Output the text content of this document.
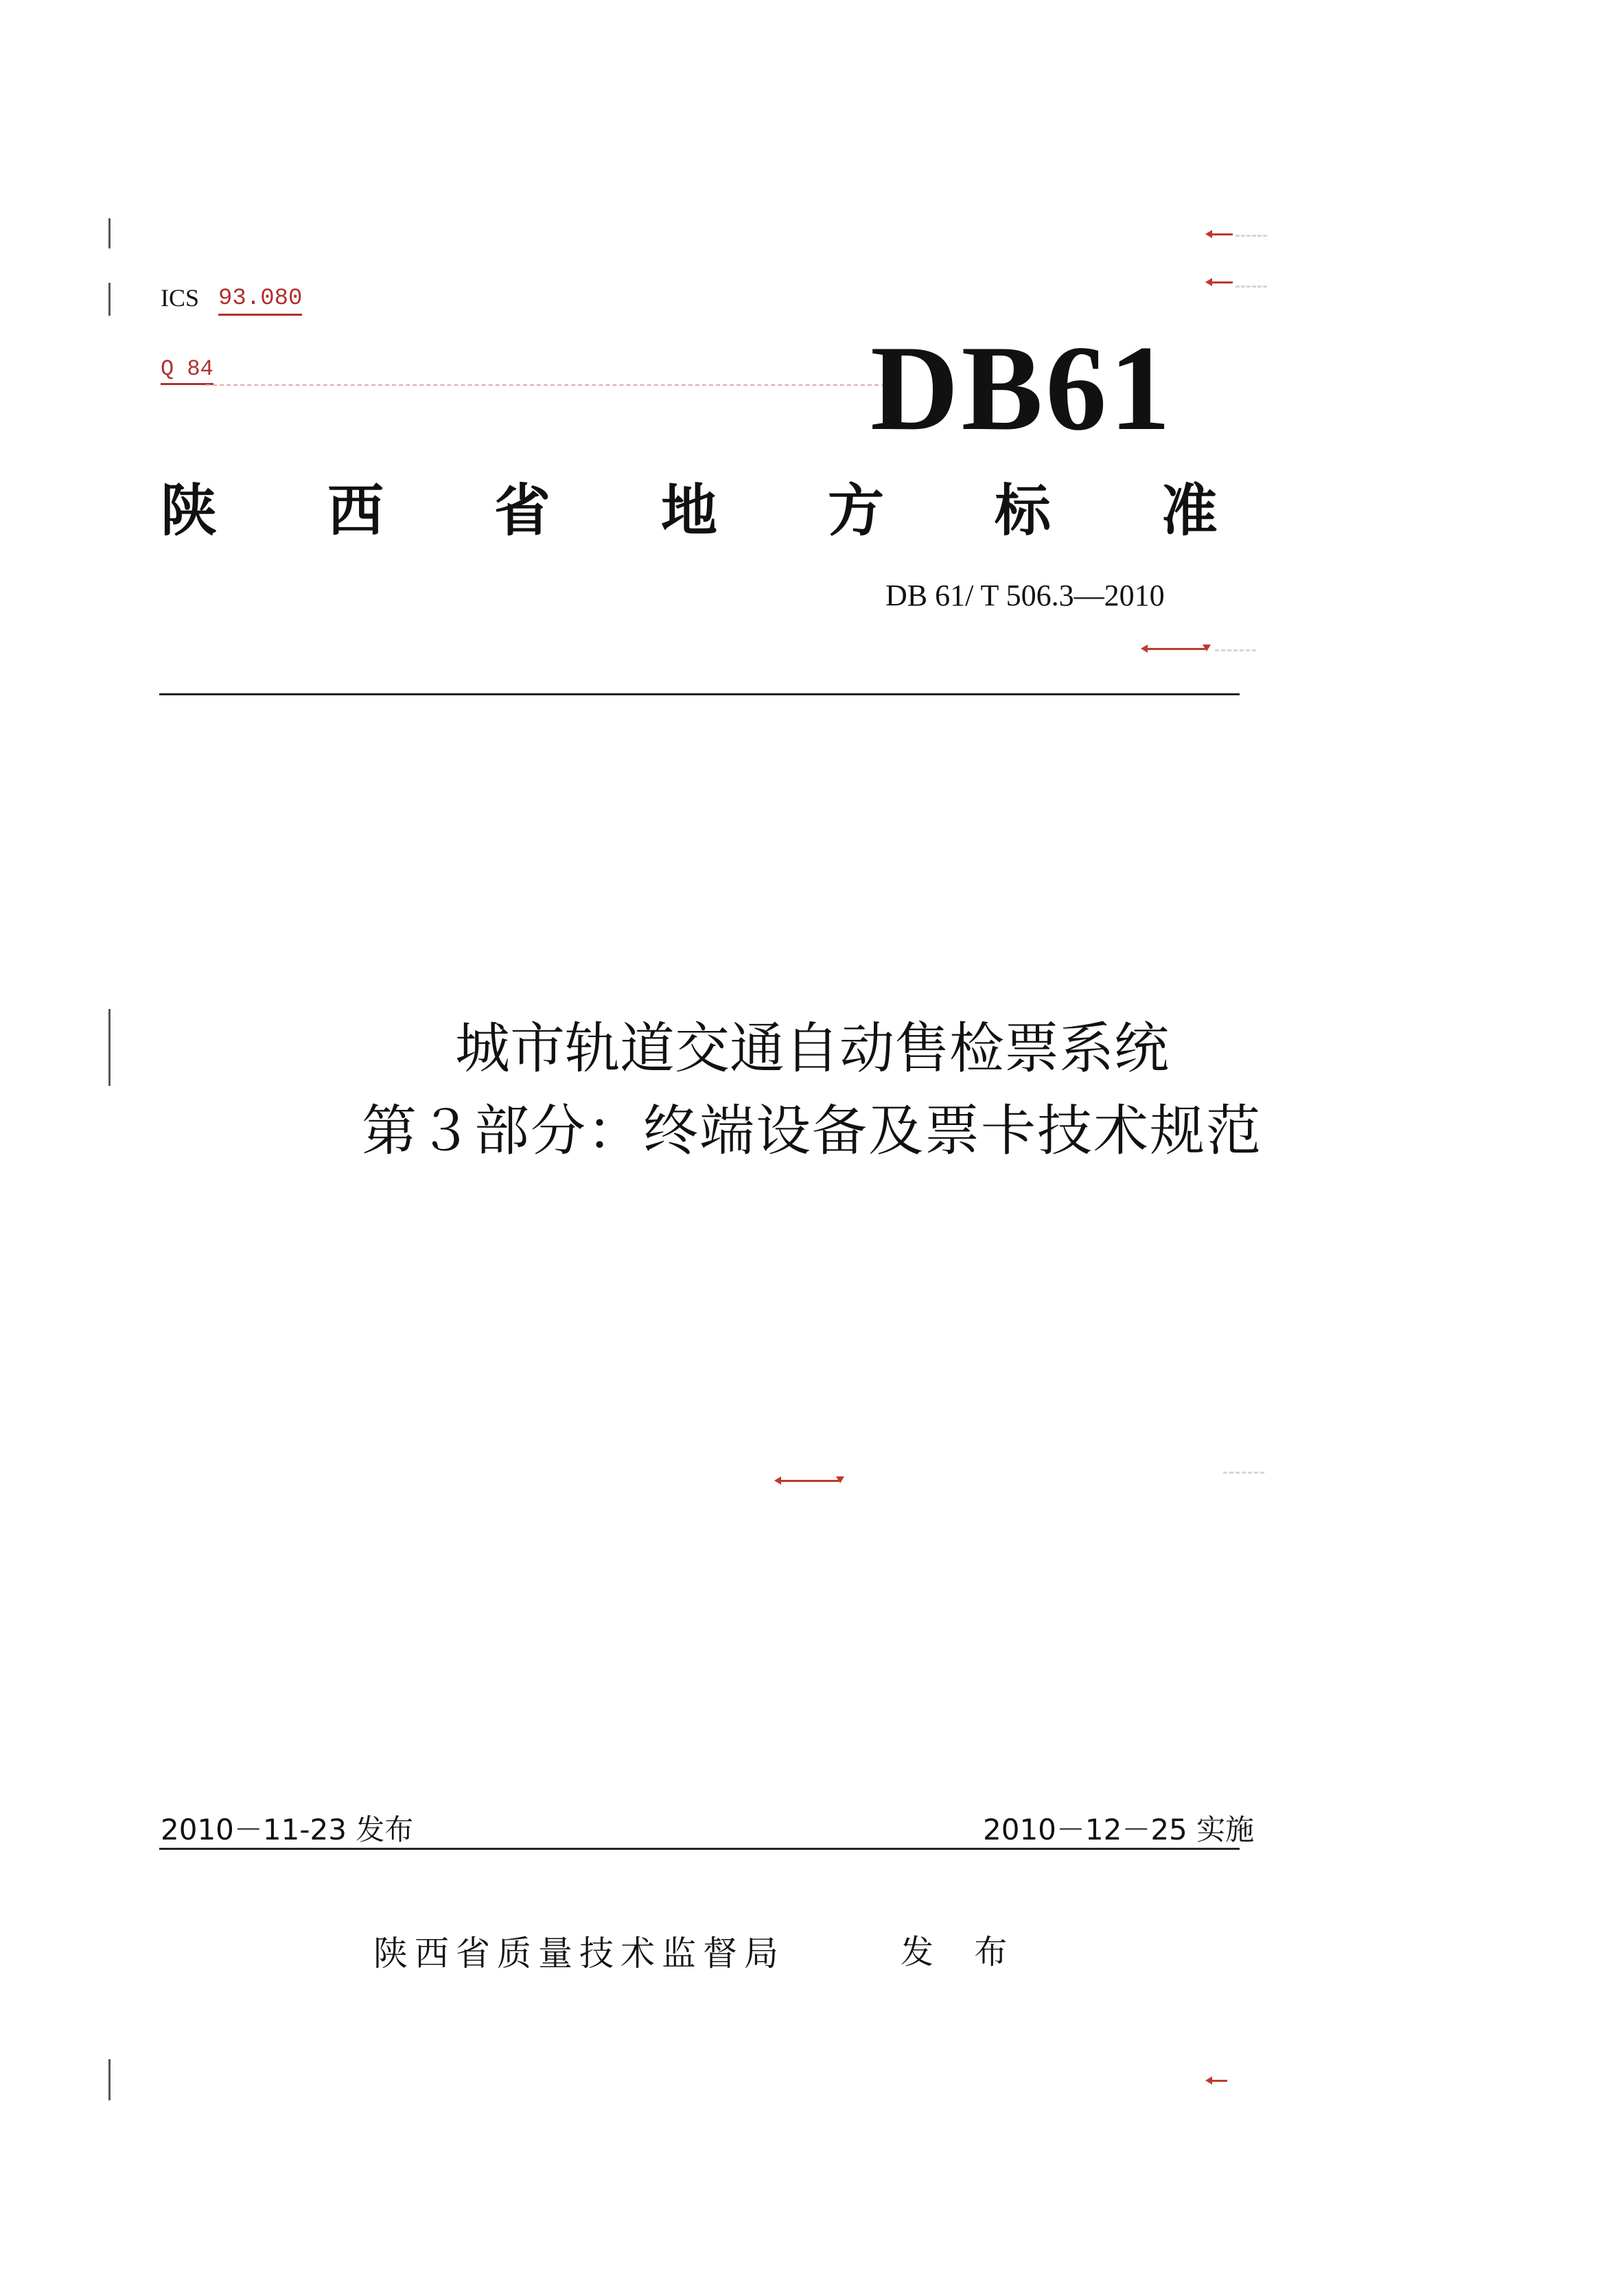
ICS 93.080
Q 84	DB61
陕 西 省 地 方 标 准
DB 61/ T 506.3—2010
城市轨道交通自动售检票系统
第３部分：终端设备及票卡技术规范
2010－11-23 发布	2010－12－25 实施
陕西省质量技术监督局	发 布
